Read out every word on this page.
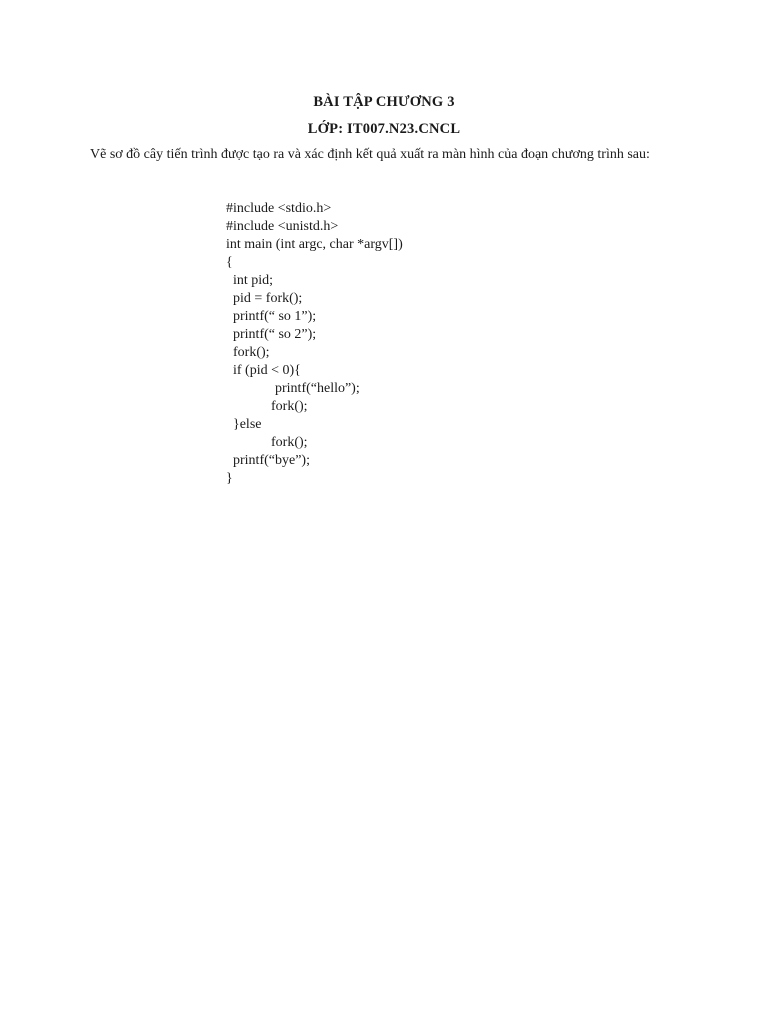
BÀI TẬP CHƯƠNG 3
LỚP: IT007.N23.CNCL
Vẽ sơ đồ cây tiến trình được tạo ra và xác định kết quả xuất ra màn hình của đoạn chương trình sau:
#include <stdio.h>
#include <unistd.h>
int main (int argc, char *argv[])
{
int pid;
pid = fork();
printf(“ so 1”);
printf(“ so 2”);
fork();
if (pid < 0){
printf(“hello”);
fork();
}else
fork();
printf(“bye”);
}
